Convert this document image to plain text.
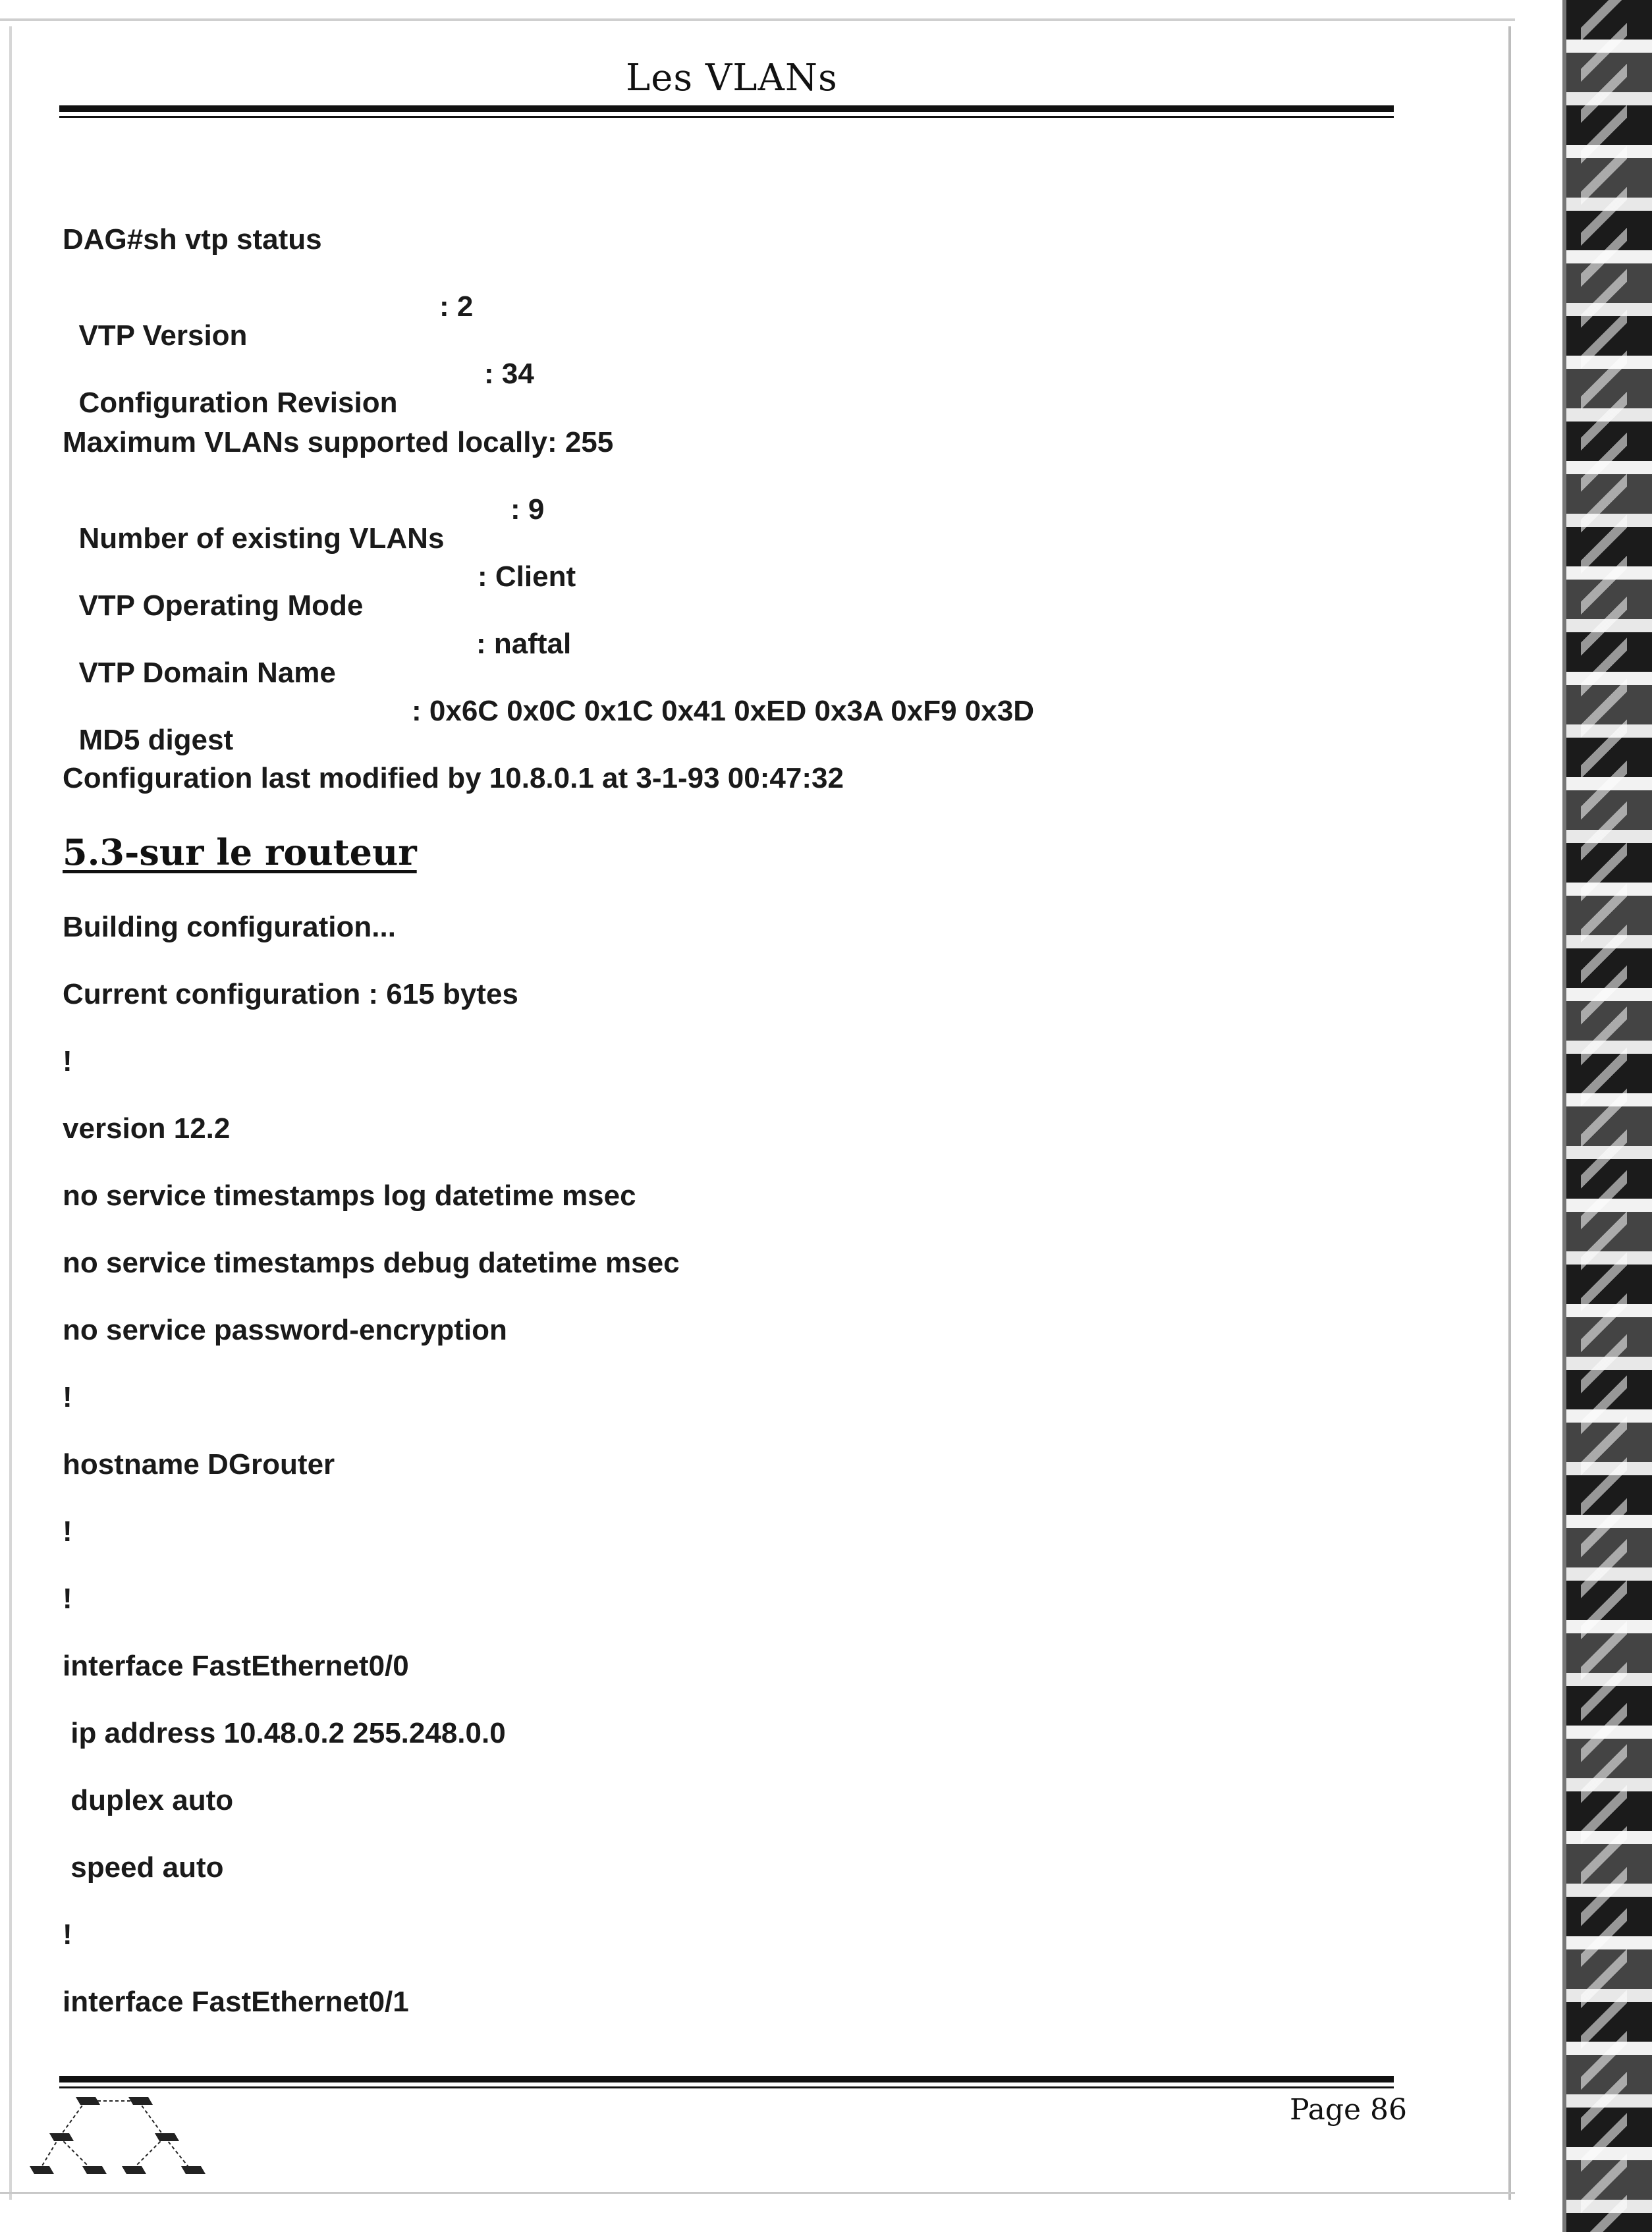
Les VLANs
DAG#sh vtp status

VTP Version

: 2

Configuration Revision

: 34

Maximum VLANs supported locally: 255

Number of existing VLANs

: 9

VTP Operating Mode

: Client

VTP Domain Name

: naftal

MD5 digest

: 0x6C 0x0C 0x1C 0x41 0xED 0x3A 0xF9 0x3D

Configuration last modified by 10.8.0.1 at 3-1-93 00:47:32
5.3-sur le routeur
Building configuration...
Current configuration : 615 bytes
!
version 12.2
no service timestamps log datetime msec
no service timestamps debug datetime msec
no service password-encryption
!
hostname DGrouter
!
!
interface FastEthernet0/0
ip address 10.48.0.2 255.248.0.0
duplex auto
speed auto
!
interface FastEthernet0/1
Page 86
